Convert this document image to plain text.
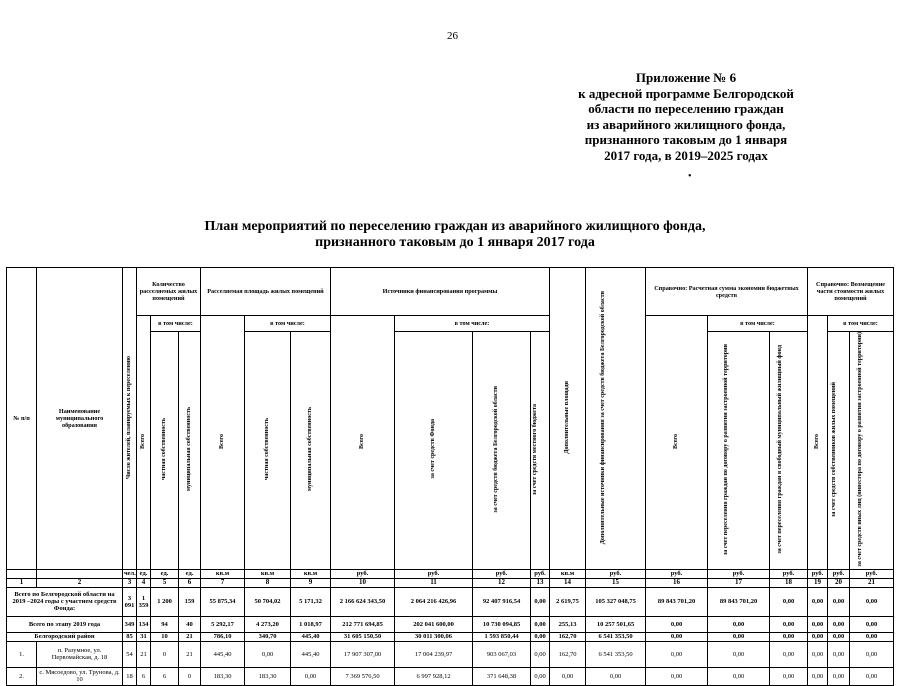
26
Приложение № 6
к адресной программе Белгородской
области по переселению граждан
из аварийного жилищного фонда,
признанного таковым до 1 января
2017 года, в 2019–2025 годах
•
План мероприятий по переселению граждан из аварийного жилищного фонда,
признанного таковым до 1 января 2017 года
№ п/п	Наименование муниципального образования	Число жителей, планируемых к переселению	Количество расселяемых жилых помещений			Расселяемая площадь жилых помещений			Источники финансирования программы				Дополнительные площади	Дополнительные источники финансирования за счет средств бюджета Белгородской области	Справочно: Расчетная сумма экономии бюджетных средств			Справочно: Возмещение части стоимости жилых помещений		
			Всего	в том числе:		Всего	в том числе:		Всего	в том числе:					Всего	в том числе:		Всего	в том числе:	
				частная собственность	муниципальная собственность		частная собственность	муниципальная собственность		за счет средств Фонда	за счет средств бюджета Белгородской области	за счет средств местного бюджета				за счет переселения граждан по договору о развитии застроенной территории	за счет переселения граждан в свободный муниципальный жилищный фонд		за счет средств собственников жилых помещений	за счет средств иных лиц (инвестора по договору о развитии застроенной территории)
		чел.	ед.	ед.	ед.	кв.м	кв.м	кв.м	руб.	руб.	руб.	руб.	кв.м	руб.	руб.	руб.	руб.	руб.	руб.	руб.
1	2	3	4	5	6	7	8	9	10	11	12	13	14	15	16	17	18	19	20	21
Всего по Белгородской области на 2019 –2024 годы с участием средств Фонда:		3 091	1 359	1 200	159	55 875,34	50 704,02	5 171,32	2 166 624 343,50	2 064 216 426,96	92 407 916,54	0,00	2 619,75	105 327 048,75	89 843 701,20	89 843 701,20	0,00	0,00	0,00	0,00
Всего по этапу 2019 года		349	134	94	40	5 292,17	4 273,20	1 018,97	212 771 694,85	202 041 600,00	10 730 094,85	0,00	255,13	10 257 501,65	0,00	0,00	0,00	0,00	0,00	0,00
Белгородский район		85	31	10	21	786,10	340,70	445,40	31 605 150,50	30 011 300,06	1 593 850,44	0,00	162,70	6 541 353,50	0,00	0,00	0,00	0,00	0,00	0,00
1.	п. Разумное, ул. Первомайская, д. 18	54	21	0	21	445,40	0,00	445,40	17 907 307,00	17 004 239,97	903 067,03	0,00	162,70	6 541 353,50	0,00	0,00	0,00	0,00	0,00	0,00
2.	с. Мясоедово, ул. Трунова, д. 10	18	6	6	0	183,30	183,30	0,00	7 369 576,50	6 997 928,12	371 648,38	0,00	0,00	0,00	0,00	0,00	0,00	0,00	0,00	0,00
